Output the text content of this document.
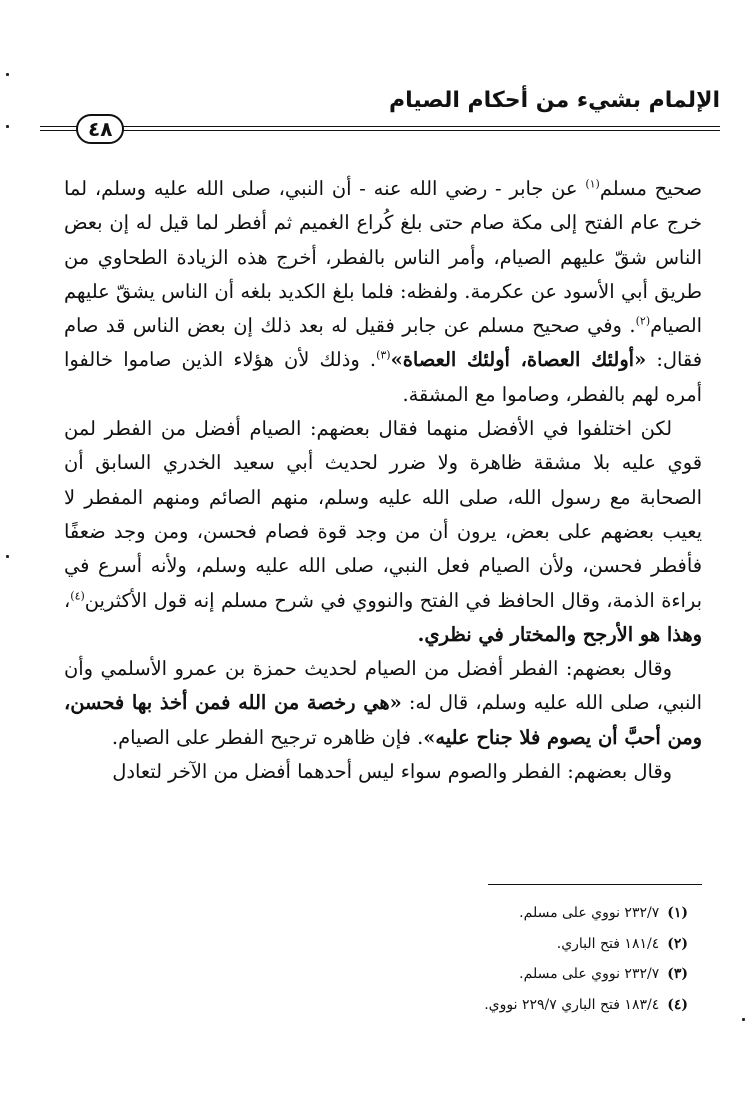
الإلمام بشيء من أحكام الصيام
٤٨

صحيح مسلم$^{(١)}$ عن جابر - رضي الله عنه - أن النبي، صلى الله عليه وسلم، لما خرج عام الفتح إلى مكة صام حتى بلغ كُراع الغميم ثم أفطر لما قيل له إن بعض الناس شقّ عليهم الصيام، وأمر الناس بالفطر، أخرج هذه الزيادة الطحاوي من طريق أبي الأسود عن عكرمة. ولفظه: فلما بلغ الكديد بلغه أن الناس يشقّ عليهم الصيام$^{(٢)}$. وفي صحيح مسلم عن جابر فقيل له بعد ذلك إن بعض الناس قد صام فقال: «أولئك العصاة، أولئك العصاة»$^{(٣)}$. وذلك لأن هؤلاء الذين صاموا خالفوا أمره لهم بالفطر، وصاموا مع المشقة.

لكن اختلفوا في الأفضل منهما فقال بعضهم: الصيام أفضل من الفطر لمن قوي عليه بلا مشقة ظاهرة ولا ضرر لحديث أبي سعيد الخدري السابق أن الصحابة مع رسول الله، صلى الله عليه وسلم، منهم الصائم ومنهم المفطر لا يعيب بعضهم على بعض، يرون أن من وجد قوة فصام فحسن، ومن وجد ضعفًا فأفطر فحسن، ولأن الصيام فعل النبي، صلى الله عليه وسلم، ولأنه أسرع في براءة الذمة، وقال الحافظ في الفتح والنووي في شرح مسلم إنه قول الأكثرين$^{(٤)}$، وهذا هو الأرجح والمختار في نظري.

وقال بعضهم: الفطر أفضل من الصيام لحديث حمزة بن عمرو الأسلمي وأن النبي، صلى الله عليه وسلم، قال له: «هي رخصة من الله فمن أخذ بها فحسن، ومن أحبَّ أن يصوم فلا جناح عليه». فإن ظاهره ترجيح الفطر على الصيام.

وقال بعضهم: الفطر والصوم سواء ليس أحدهما أفضل من الآخر لتعادل

(١)٢٣٢/٧ نووي على مسلم.
(٢)١٨١/٤ فتح الباري.
(٣)٢٣٢/٧ نووي على مسلم.
(٤)١٨٣/٤ فتح الباري ٢٢٩/٧ نووي.
